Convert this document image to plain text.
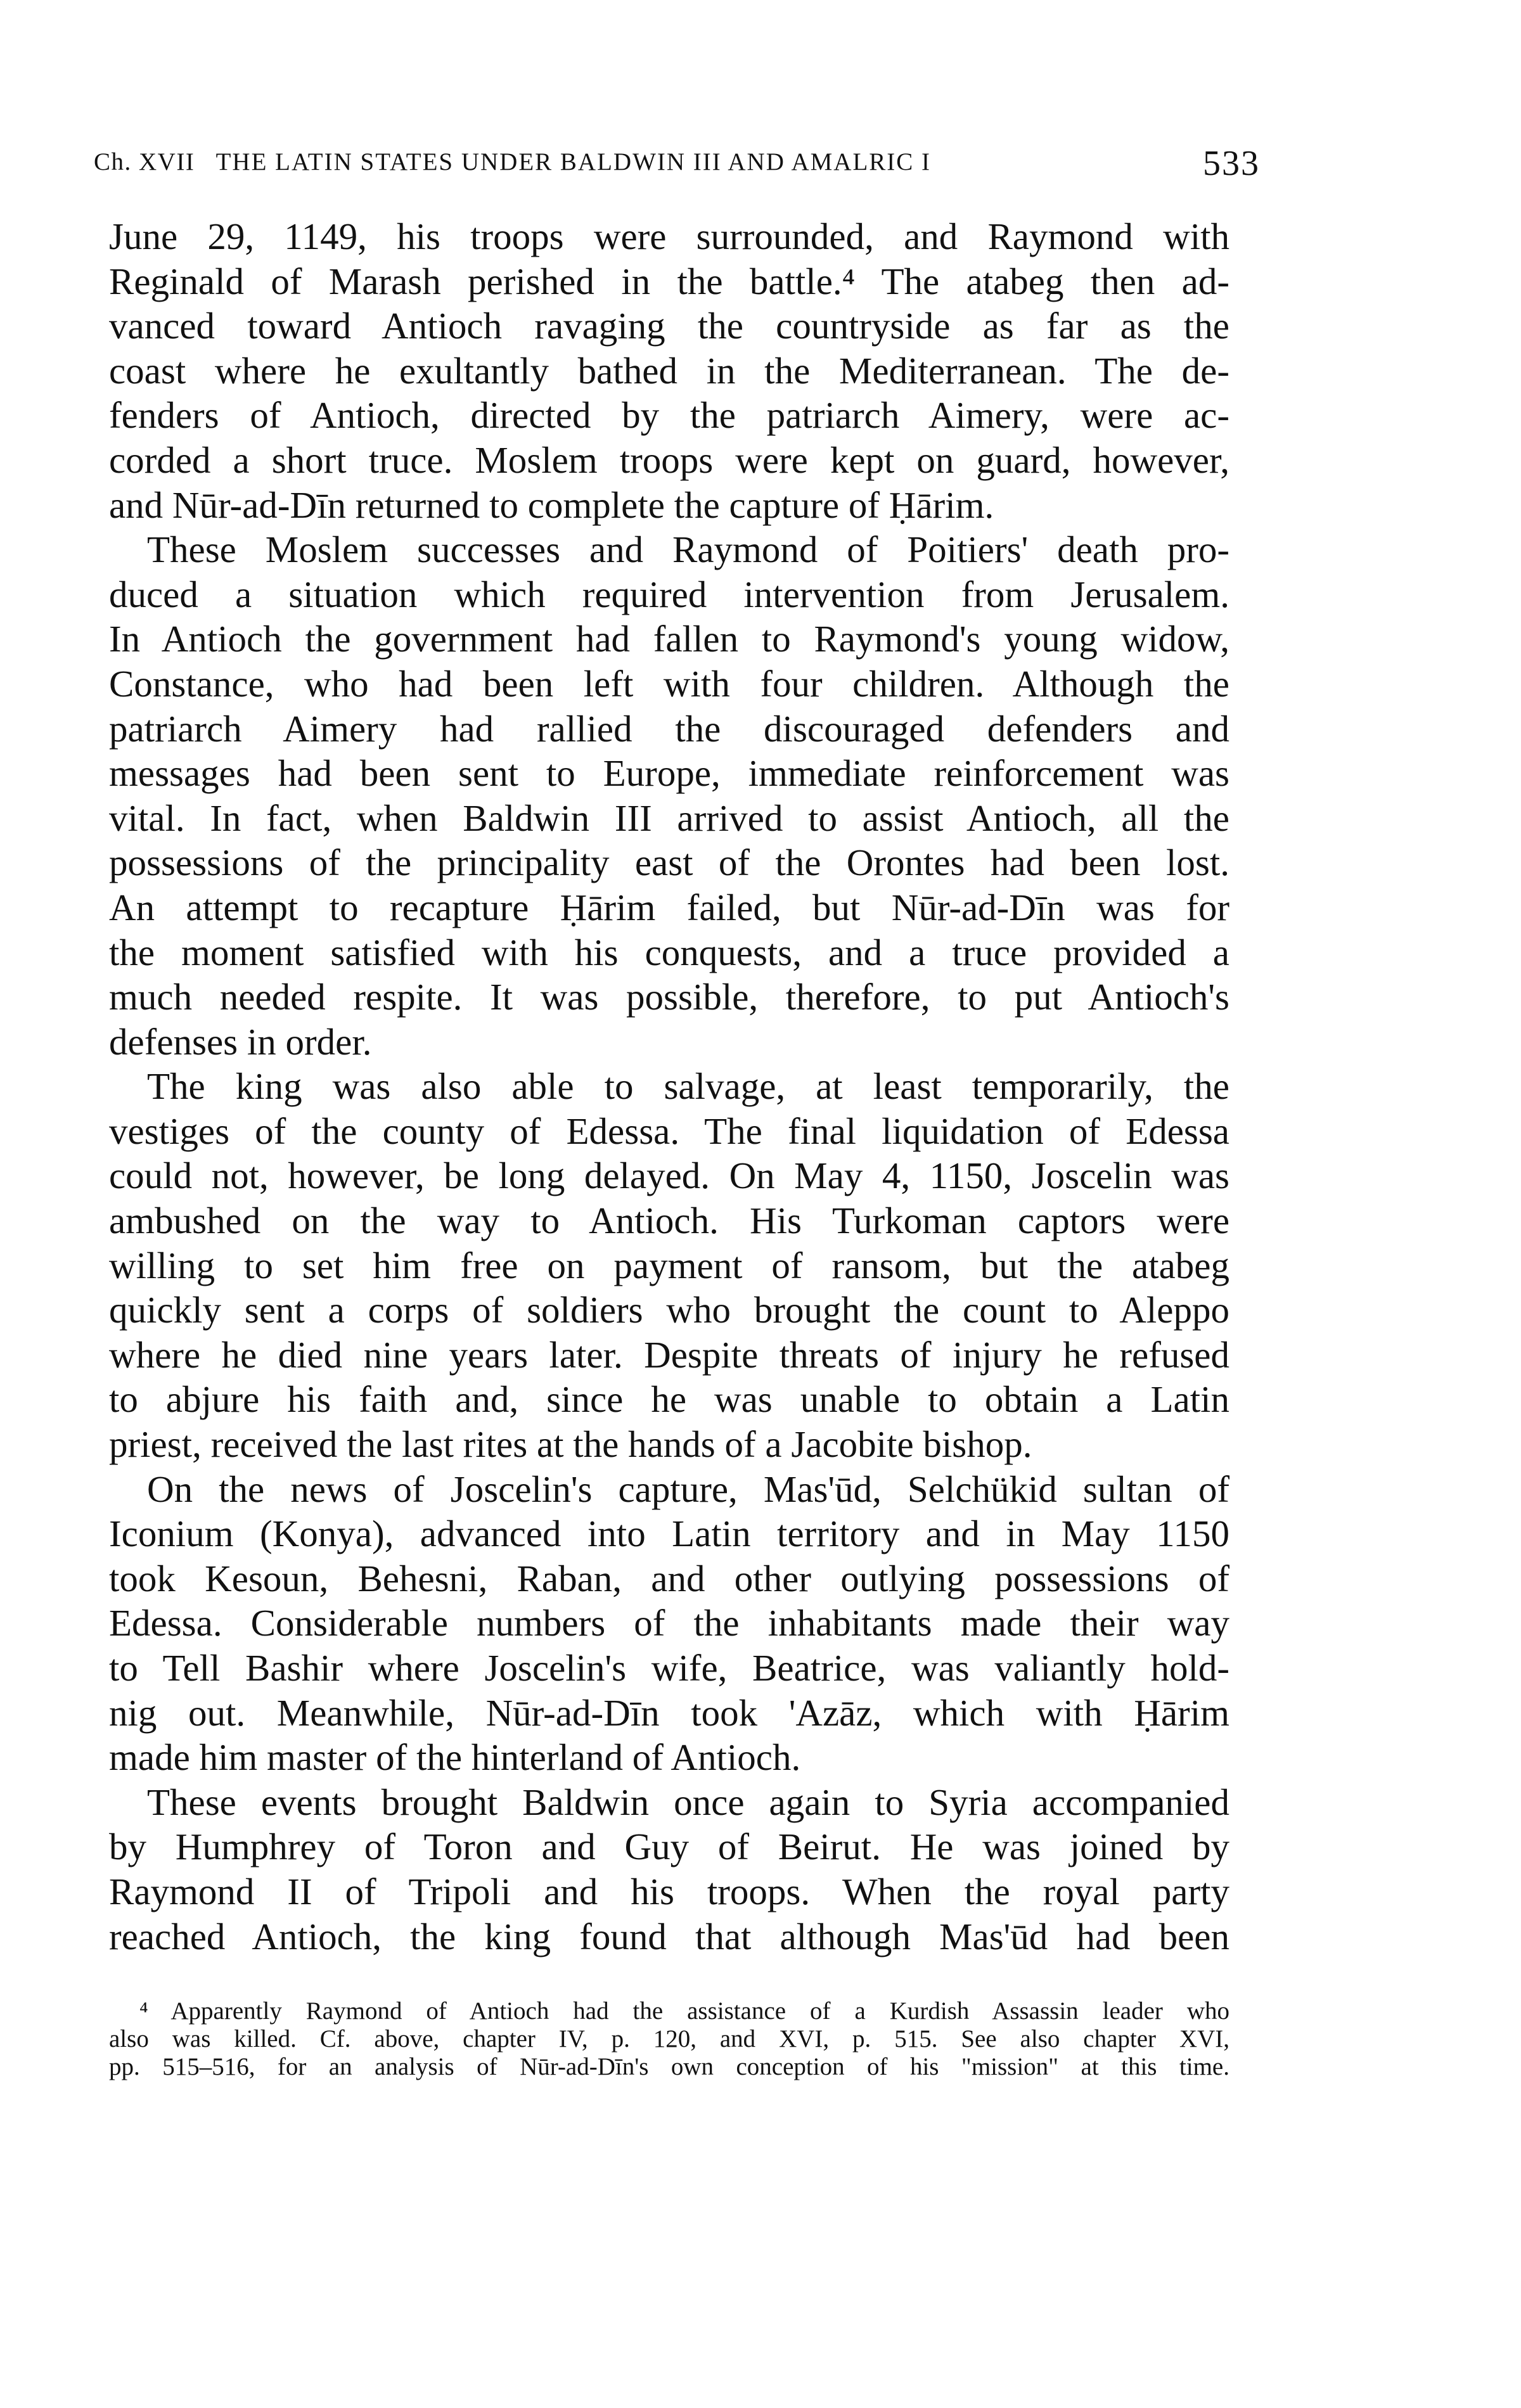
Ch. XVII THE LATIN STATES UNDER BALDWIN III AND AMALRIC I	533
June 29, 1149, his troops were surrounded, and Raymond with
Reginald of Marash perished in the battle.⁴ The atabeg then ad-
vanced toward Antioch ravaging the countryside as far as the
coast where he exultantly bathed in the Mediterranean. The de-
fenders of Antioch, directed by the patriarch Aimery, were ac-
corded a short truce. Moslem troops were kept on guard, however,
and Nūr-ad-Dīn returned to complete the capture of Ḥārim.
These Moslem successes and Raymond of Poitiers' death pro-
duced a situation which required intervention from Jerusalem.
In Antioch the government had fallen to Raymond's young widow,
Constance, who had been left with four children. Although the
patriarch Aimery had rallied the discouraged defenders and
messages had been sent to Europe, immediate reinforcement was
vital. In fact, when Baldwin III arrived to assist Antioch, all the
possessions of the principality east of the Orontes had been lost.
An attempt to recapture Ḥārim failed, but Nūr-ad-Dīn was for
the moment satisfied with his conquests, and a truce provided a
much needed respite. It was possible, therefore, to put Antioch's
defenses in order.
The king was also able to salvage, at least temporarily, the
vestiges of the county of Edessa. The final liquidation of Edessa
could not, however, be long delayed. On May 4, 1150, Joscelin was
ambushed on the way to Antioch. His Turkoman captors were
willing to set him free on payment of ransom, but the atabeg
quickly sent a corps of soldiers who brought the count to Aleppo
where he died nine years later. Despite threats of injury he refused
to abjure his faith and, since he was unable to obtain a Latin
priest, received the last rites at the hands of a Jacobite bishop.
On the news of Joscelin's capture, Mas'ūd, Selchükid sultan of
Iconium (Konya), advanced into Latin territory and in May 1150
took Kesoun, Behesni, Raban, and other outlying possessions of
Edessa. Considerable numbers of the inhabitants made their way
to Tell Bashir where Joscelin's wife, Beatrice, was valiantly hold-
nig out. Meanwhile, Nūr-ad-Dīn took 'Azāz, which with Ḥārim
made him master of the hinterland of Antioch.
These events brought Baldwin once again to Syria accompanied
by Humphrey of Toron and Guy of Beirut. He was joined by
Raymond II of Tripoli and his troops. When the royal party
reached Antioch, the king found that although Mas'ūd had been
⁴ Apparently Raymond of Antioch had the assistance of a Kurdish Assassin leader who
also was killed. Cf. above, chapter IV, p. 120, and XVI, p. 515. See also chapter XVI,
pp. 515–516, for an analysis of Nūr-ad-Dīn's own conception of his "mission" at this time.
